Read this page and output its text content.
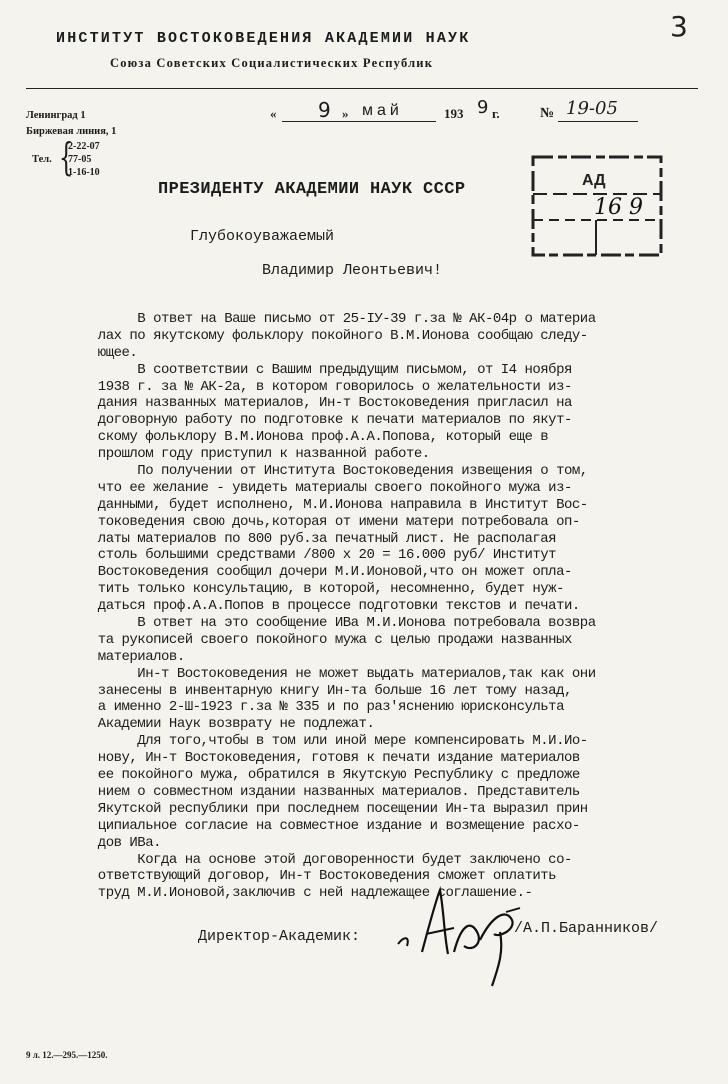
ИНСТИТУТ ВОСТОКОВЕДЕНИЯ АКАДЕМИИ НАУК
Союза Советских Социалистических Республик
3
Ленинград 1
Биржевая линия, 1
Тел. {
2-22-07
77-05
1-16-10
« 9 » май	193 9 г.	№ 19-05
АД
16 9
ПРЕЗИДЕНТУ АКАДЕМИИ НАУК СССР
Глубокоуважаемый
Владимир Леонтьевич!
В ответ на Ваше письмо от 25-IУ-39 г.за № АК-04р о материа
лах по якутскому фольклору покойного В.М.Ионова сообщаю следу-
ющее.
В соответствии с Вашим предыдущим письмом, от I4 ноября
1938 г. за № АК-2а, в котором говорилось о желательности из-
дания названных материалов, Ин-т Востоковедения пригласил на
договорную работу по подготовке к печати материалов по якут-
скому фольклору В.М.Ионова проф.А.А.Попова, который еще в
прошлом году приступил к названной работе.
По получении от Института Востоковедения извещения о том,
что ее желание - увидеть материалы своего покойного мужа из-
данными, будет исполнено, М.И.Ионова направила в Институт Вос-
токоведения свою дочь,которая от имени матери потребовала оп-
латы материалов по 800 руб.за печатный лист. Не располагая
столь большими средствами /800 х 20 = 16.000 руб/ Институт
Востоковедения сообщил дочери М.И.Ионовой,что он может опла-
тить только консультацию, в которой, несомненно, будет нуж-
даться проф.А.А.Попов в процессе подготовки текстов и печати.
В ответ на это сообщение ИВа М.И.Ионова потребовала возвра
та рукописей своего покойного мужа с целью продажи названных
материалов.
Ин-т Востоковедения не может выдать материалов,так как они
занесены в инвентарную книгу Ин-та больше 16 лет тому назад,
а именно 2-Ш-1923 г.за № 335 и по раз'яснению юрисконсульта
Академии Наук возврату не подлежат.
Для того,чтобы в том или иной мере компенсировать М.И.Ио-
нову, Ин-т Востоковедения, готовя к печати издание материалов
ее покойного мужа, обратился в Якутскую Республику с предложе
нием о совместном издании названных материалов. Представитель
Якутской республики при последнем посещении Ин-та выразил прин
ципиальное согласие на совместное издание и возмещение расхо-
дов ИВа.
Когда на основе этой договоренности будет заключено со-
ответствующий договор, Ин-т Востоковедения сможет оплатить
труд М.И.Ионовой,заключив с ней надлежащее соглашение.-
Директор-Академик:	/А.П.Баранников/
9 л. 12.—295.—1250.
